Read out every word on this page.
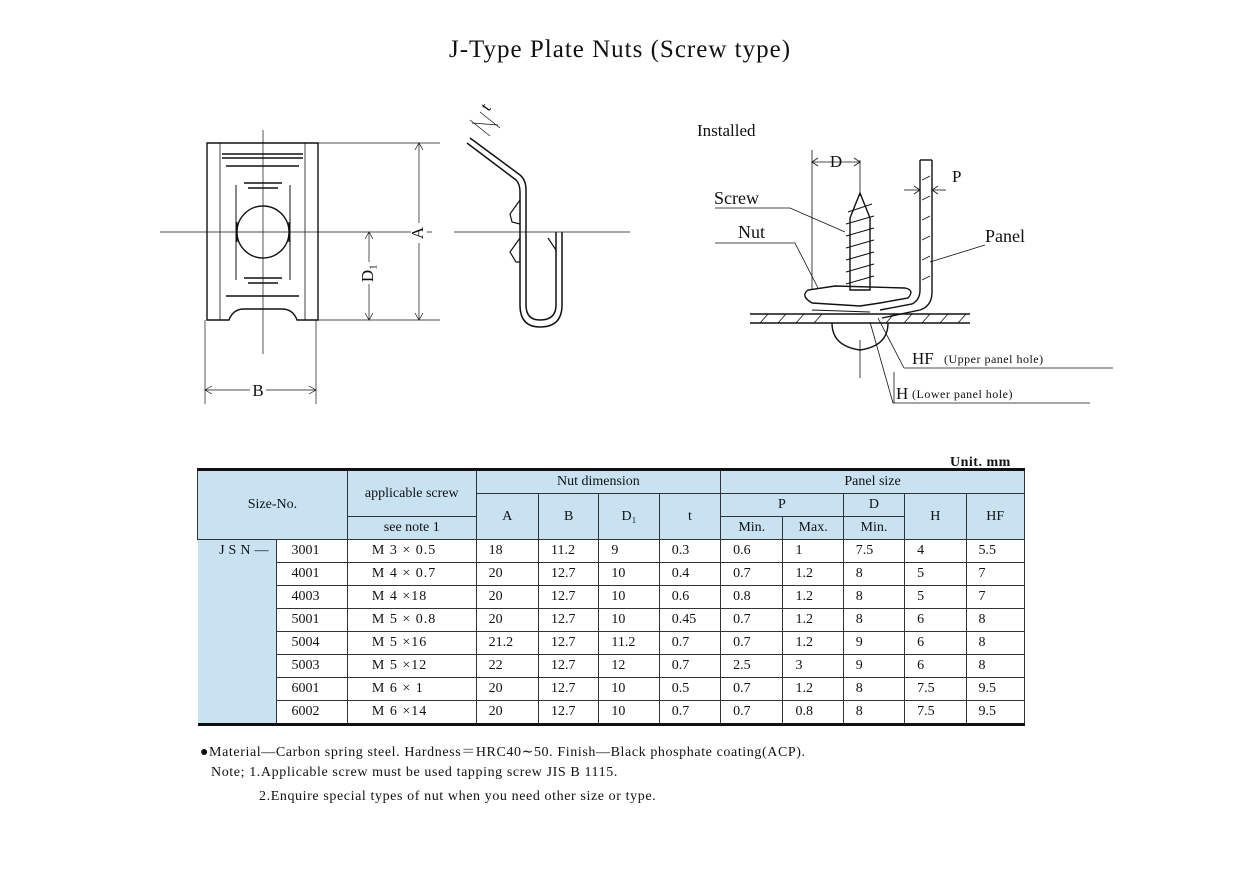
J-Type Plate Nuts (Screw type)
A
D₁
B
t
Installed
D
P
Screw
Nut	Panel
HF (Upper panel hole)
H (Lower panel hole)
Unit. mm
Size-No.		applicable screw	Nut dimension				Panel size				
			A	B	D₁	t	P		D	H	HF
		see note 1					Min.	Max.	Min.		
JSN—	3001	M 3 × 0.5	18	11.2	9	0.3	0.6	1	7.5	4	5.5
	4001	M 4 × 0.7	20	12.7	10	0.4	0.7	1.2	8	5	7
	4003	M 4 ×18	20	12.7	10	0.6	0.8	1.2	8	5	7
	5001	M 5 × 0.8	20	12.7	10	0.45	0.7	1.2	8	6	8
	5004	M 5 ×16	21.2	12.7	11.2	0.7	0.7	1.2	9	6	8
	5003	M 5 ×12	22	12.7	12	0.7	2.5	3	9	6	8
	6001	M 6 × 1	20	12.7	10	0.5	0.7	1.2	8	7.5	9.5
	6002	M 6 ×14	20	12.7	10	0.7	0.7	0.8	8	7.5	9.5
●Material—Carbon spring steel. Hardness＝HRC40∼50. Finish—Black phosphate coating(ACP).
Note; 1.Applicable screw must be used tapping screw JIS B 1115.
2.Enquire special types of nut when you need other size or type.
